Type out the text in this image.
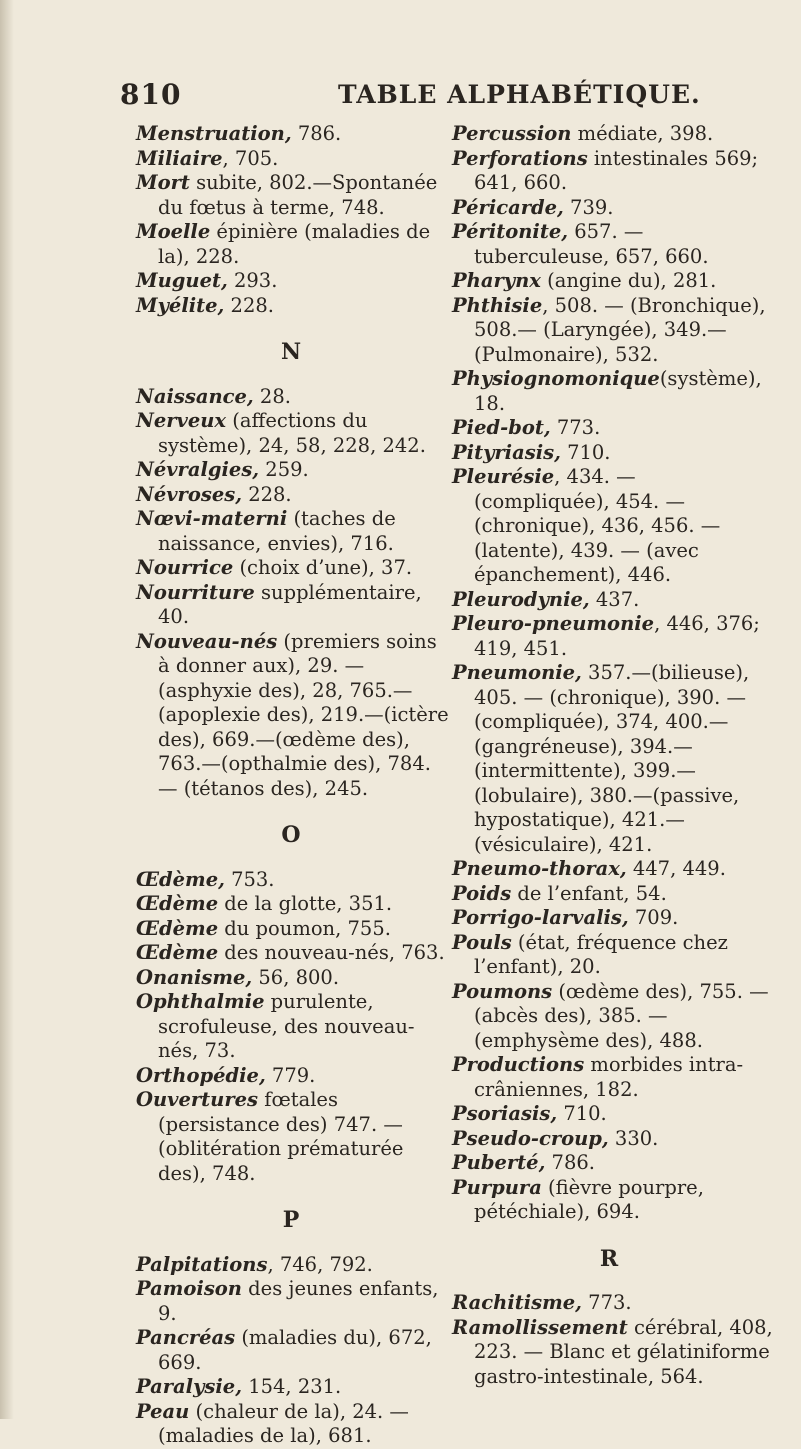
810	TABLE ALPHABÉTIQUE.

Menstruation, 786.

Miliaire, 705.

Mort subite, 802.—Spontanée du fœtus à terme, 748.

Moelle épinière (maladies de la), 228.

Muguet, 293.

Myélite, 228.

N

Naissance, 28.

Nerveux (affections du système), 24, 58, 228, 242.

Névralgies, 259.

Névroses, 228.

Nœvi-materni (taches de naissance, envies), 716.

Nourrice (choix d’une), 37.

Nourriture supplémentaire, 40.

Nouveau-nés (premiers soins à donner aux), 29. — (asphyxie des), 28, 765.—(apoplexie des), 219.—(ictère des), 669.—(œdème des), 763.—(opthalmie des), 784. — (tétanos des), 245.

O

Œdème, 753.

Œdème de la glotte, 351.

Œdème du poumon, 755.

Œdème des nouveau-nés, 763.

Onanisme, 56, 800.

Ophthalmie purulente, scrofuleuse, des nouveau-nés, 73.

Orthopédie, 779.

Ouvertures fœtales (persistance des) 747. — (oblitération prématurée des), 748.

P

Palpitations, 746, 792.

Pamoison des jeunes enfants, 9.

Pancréas (maladies du), 672, 669.

Paralysie, 154, 231.

Peau (chaleur de la), 24. — (maladies de la), 681.

Percussion médiate, 398.

Perforations intestinales 569; 641, 660.

Péricarde, 739.

Péritonite, 657. — tuberculeuse, 657, 660.

Pharynx (angine du), 281.

Phthisie, 508. — (Bronchique), 508.— (Laryngée), 349.—(Pulmonaire), 532.

Physiognomonique(système), 18.

Pied-bot, 773.

Pityriasis, 710.

Pleurésie, 434. — (compliquée), 454. — (chronique), 436, 456. — (latente), 439. — (avec épanchement), 446.

Pleurodynie, 437.

Pleuro-pneumonie, 446, 376; 419, 451.

Pneumonie, 357.—(bilieuse), 405. — (chronique), 390. — (compliquée), 374, 400.—(gangréneuse), 394.—(intermittente), 399.—(lobulaire), 380.—(passive, hypostatique), 421.—(vésiculaire), 421.

Pneumo-thorax, 447, 449.

Poids de l’enfant, 54.

Porrigo-larvalis, 709.

Pouls (état, fréquence chez l’enfant), 20.

Poumons (œdème des), 755. — (abcès des), 385. —(emphysème des), 488.

Productions morbides intra-crâniennes, 182.

Psoriasis, 710.

Pseudo-croup, 330.

Puberté, 786.

Purpura (fièvre pourpre, pétéchiale), 694.

R

Rachitisme, 773.

Ramollissement cérébral, 408, 223. — Blanc et gélatiniforme gastro-intestinale, 564.
